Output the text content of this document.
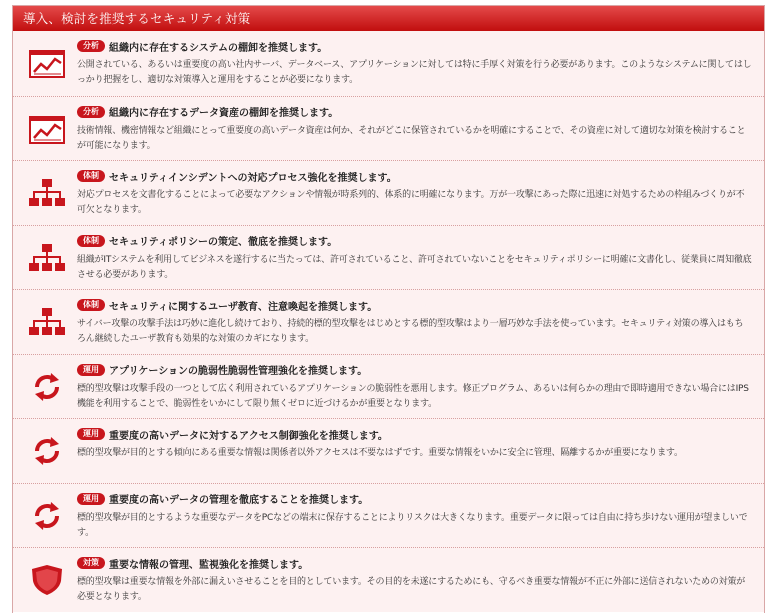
導入、検討を推奨するセキュリティ対策
分析	組織内に存在するシステムの棚卸を推奨します。

公開されている、あるいは重要度の高い社内サーバ、データベース、アプリケーションに対しては特に手厚く対策を行う必要があります。このようなシステムに関してはしっかり把握をし、適切な対策導入と運用をすることが必要になります。

分析	組織内に存在するデータ資産の棚卸を推奨します。

技術情報、機密情報など組織にとって重要度の高いデータ資産は何か、それがどこに保管されているかを明確にすることで、その資産に対して適切な対策を検討することが可能になります。

体制	セキュリティインシデントへの対応プロセス強化を推奨します。

対応プロセスを文書化することによって必要なアクションや情報が時系列的、体系的に明確になります。万が一攻撃にあった際に迅速に対処するための枠組みづくりが不可欠となります。

体制	セキュリティポリシーの策定、徹底を推奨します。

組織がITシステムを利用してビジネスを遂行するに当たっては、許可されていること、許可されていないことをセキュリティポリシーに明確に文書化し、従業員に周知徹底させる必要があります。

体制	セキュリティに関するユーザ教育、注意喚起を推奨します。

サイバー攻撃の攻撃手法は巧妙に進化し続けており、持続的標的型攻撃をはじめとする標的型攻撃はより一層巧妙な手法を使っています。セキュリティ対策の導入はもちろん継続したユーザ教育も効果的な対策のカギになります。

運用	アプリケーションの脆弱性脆弱性管理強化を推奨します。

標的型攻撃は攻撃手段の一つとして広く利用されているアプリケーションの脆弱性を悪用します。修正プログラム、あるいは何らかの理由で即時適用できない場合にはIPS機能を利用することで、脆弱性をいかにして限り無くゼロに近づけるかが重要となります。

運用	重要度の高いデータに対するアクセス制御強化を推奨します。

標的型攻撃が目的とする傾向にある重要な情報は関係者以外アクセスは不要なはずです。重要な情報をいかに安全に管理、隔離するかが重要になります。

運用	重要度の高いデータの管理を徹底することを推奨します。

標的型攻撃が目的とするような重要なデータをPCなどの端末に保存することによりリスクは大きくなります。重要データに限っては自由に持ち歩けない運用が望ましいです。

対策	重要な情報の管理、監視強化を推奨します。

標的型攻撃は重要な情報を外部に漏えいさせることを目的としています。その目的を未遂にするためにも、守るべき重要な情報が不正に外部に送信されないための対策が必要となります。
